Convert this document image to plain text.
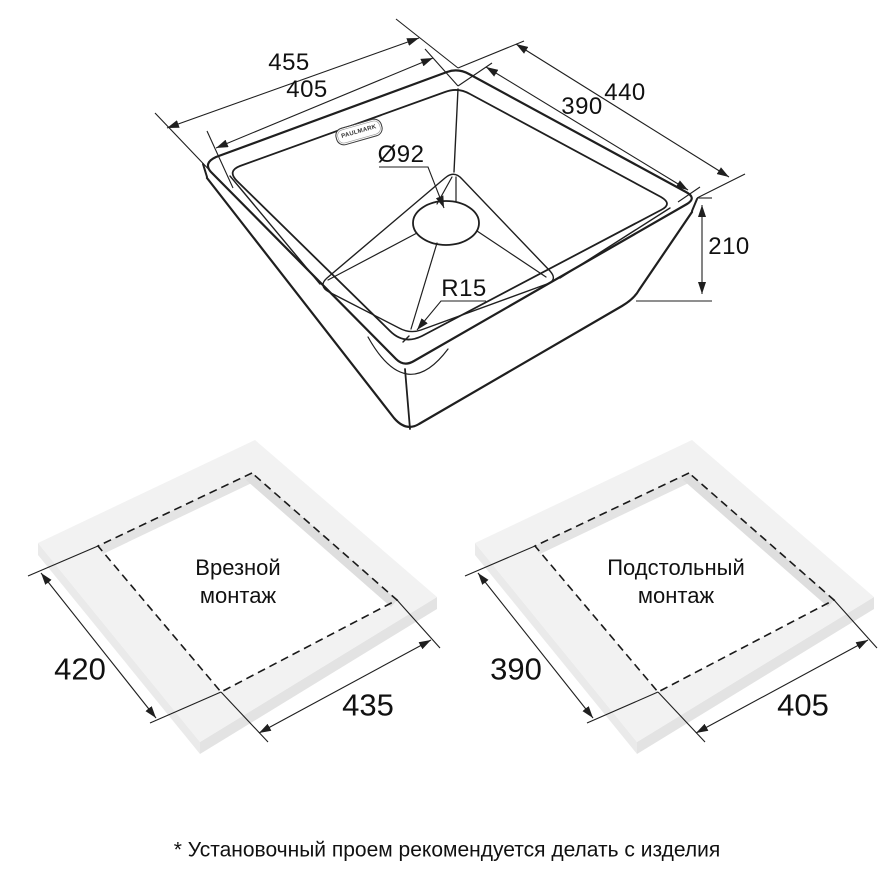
PAULMARK
455
405	440
390
210
Ø92
R15
Врезной
монтаж
420
435
Подстольный
монтаж
390
405
* Установочный проем рекомендуется делать с изделия
